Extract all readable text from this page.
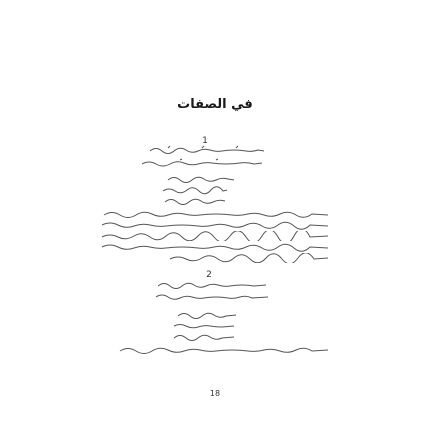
في الصفات
1
2
18
